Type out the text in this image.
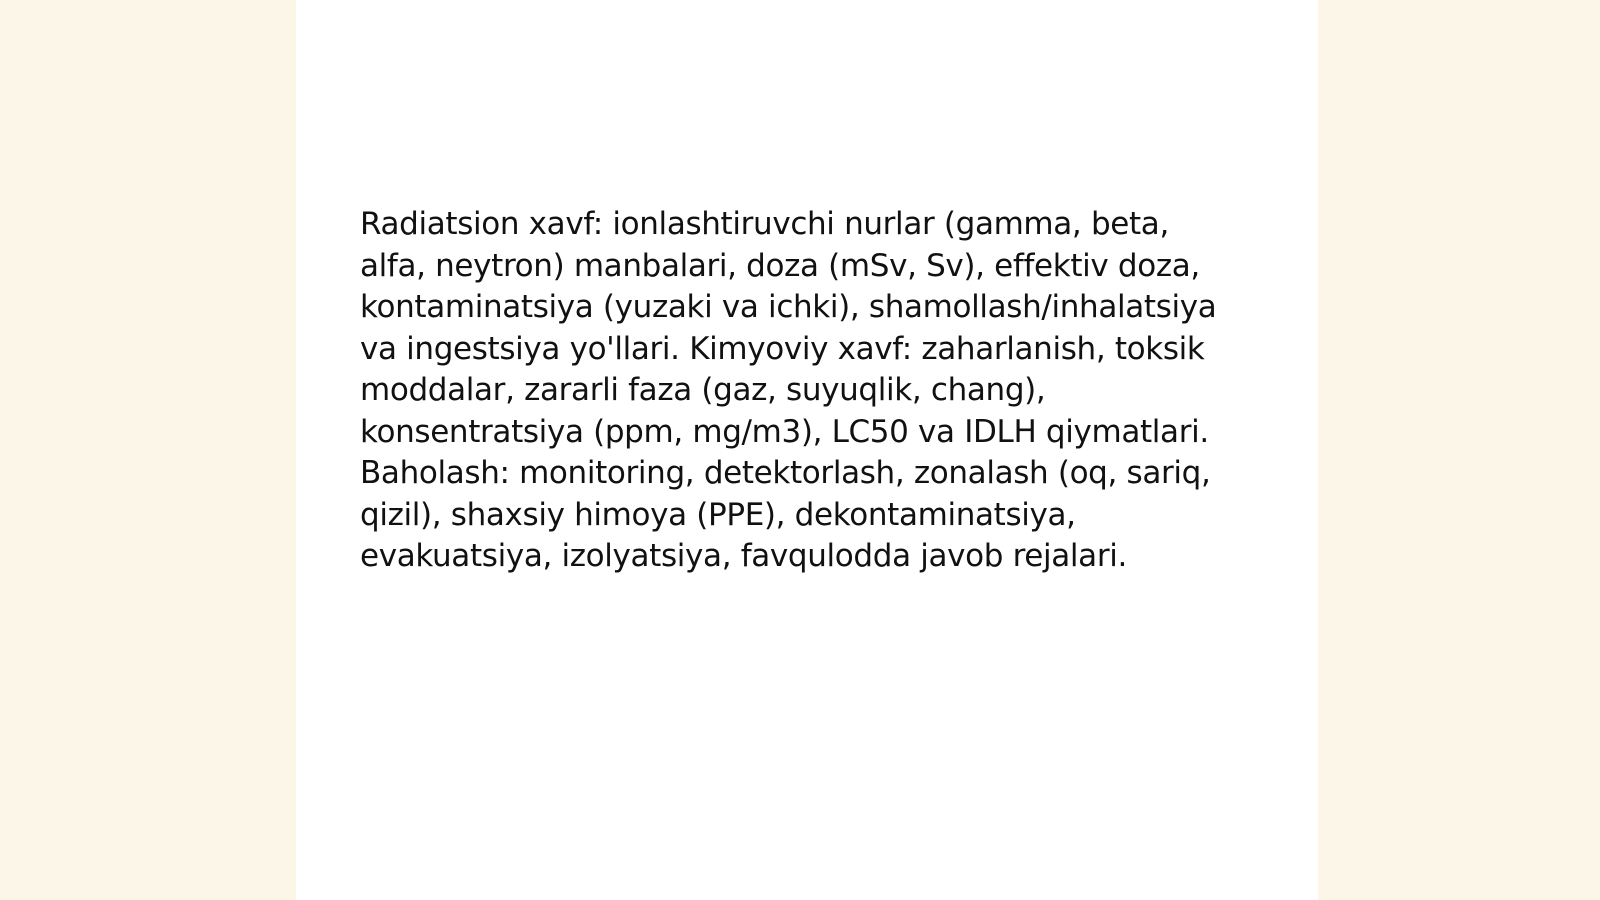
Radiatsion xavf: ionlashtiruvchi nurlar (gamma, beta, alfa, neytron) manbalari, doza (mSv, Sv), effektiv doza, kontaminatsiya (yuzaki va ichki), shamollash/inhalatsiya va ingestsiya yo'llari. Kimyoviy xavf: zaharlanish, toksik moddalar, zararli faza (gaz, suyuqlik, chang), konsentratsiya (ppm, mg/m3), LC50 va IDLH qiymatlari. Baholash: monitoring, detektorlash, zonalash (oq, sariq, qizil), shaxsiy himoya (PPE), dekontaminatsiya, evakuatsiya, izolyatsiya, favqulodda javob rejalari.
